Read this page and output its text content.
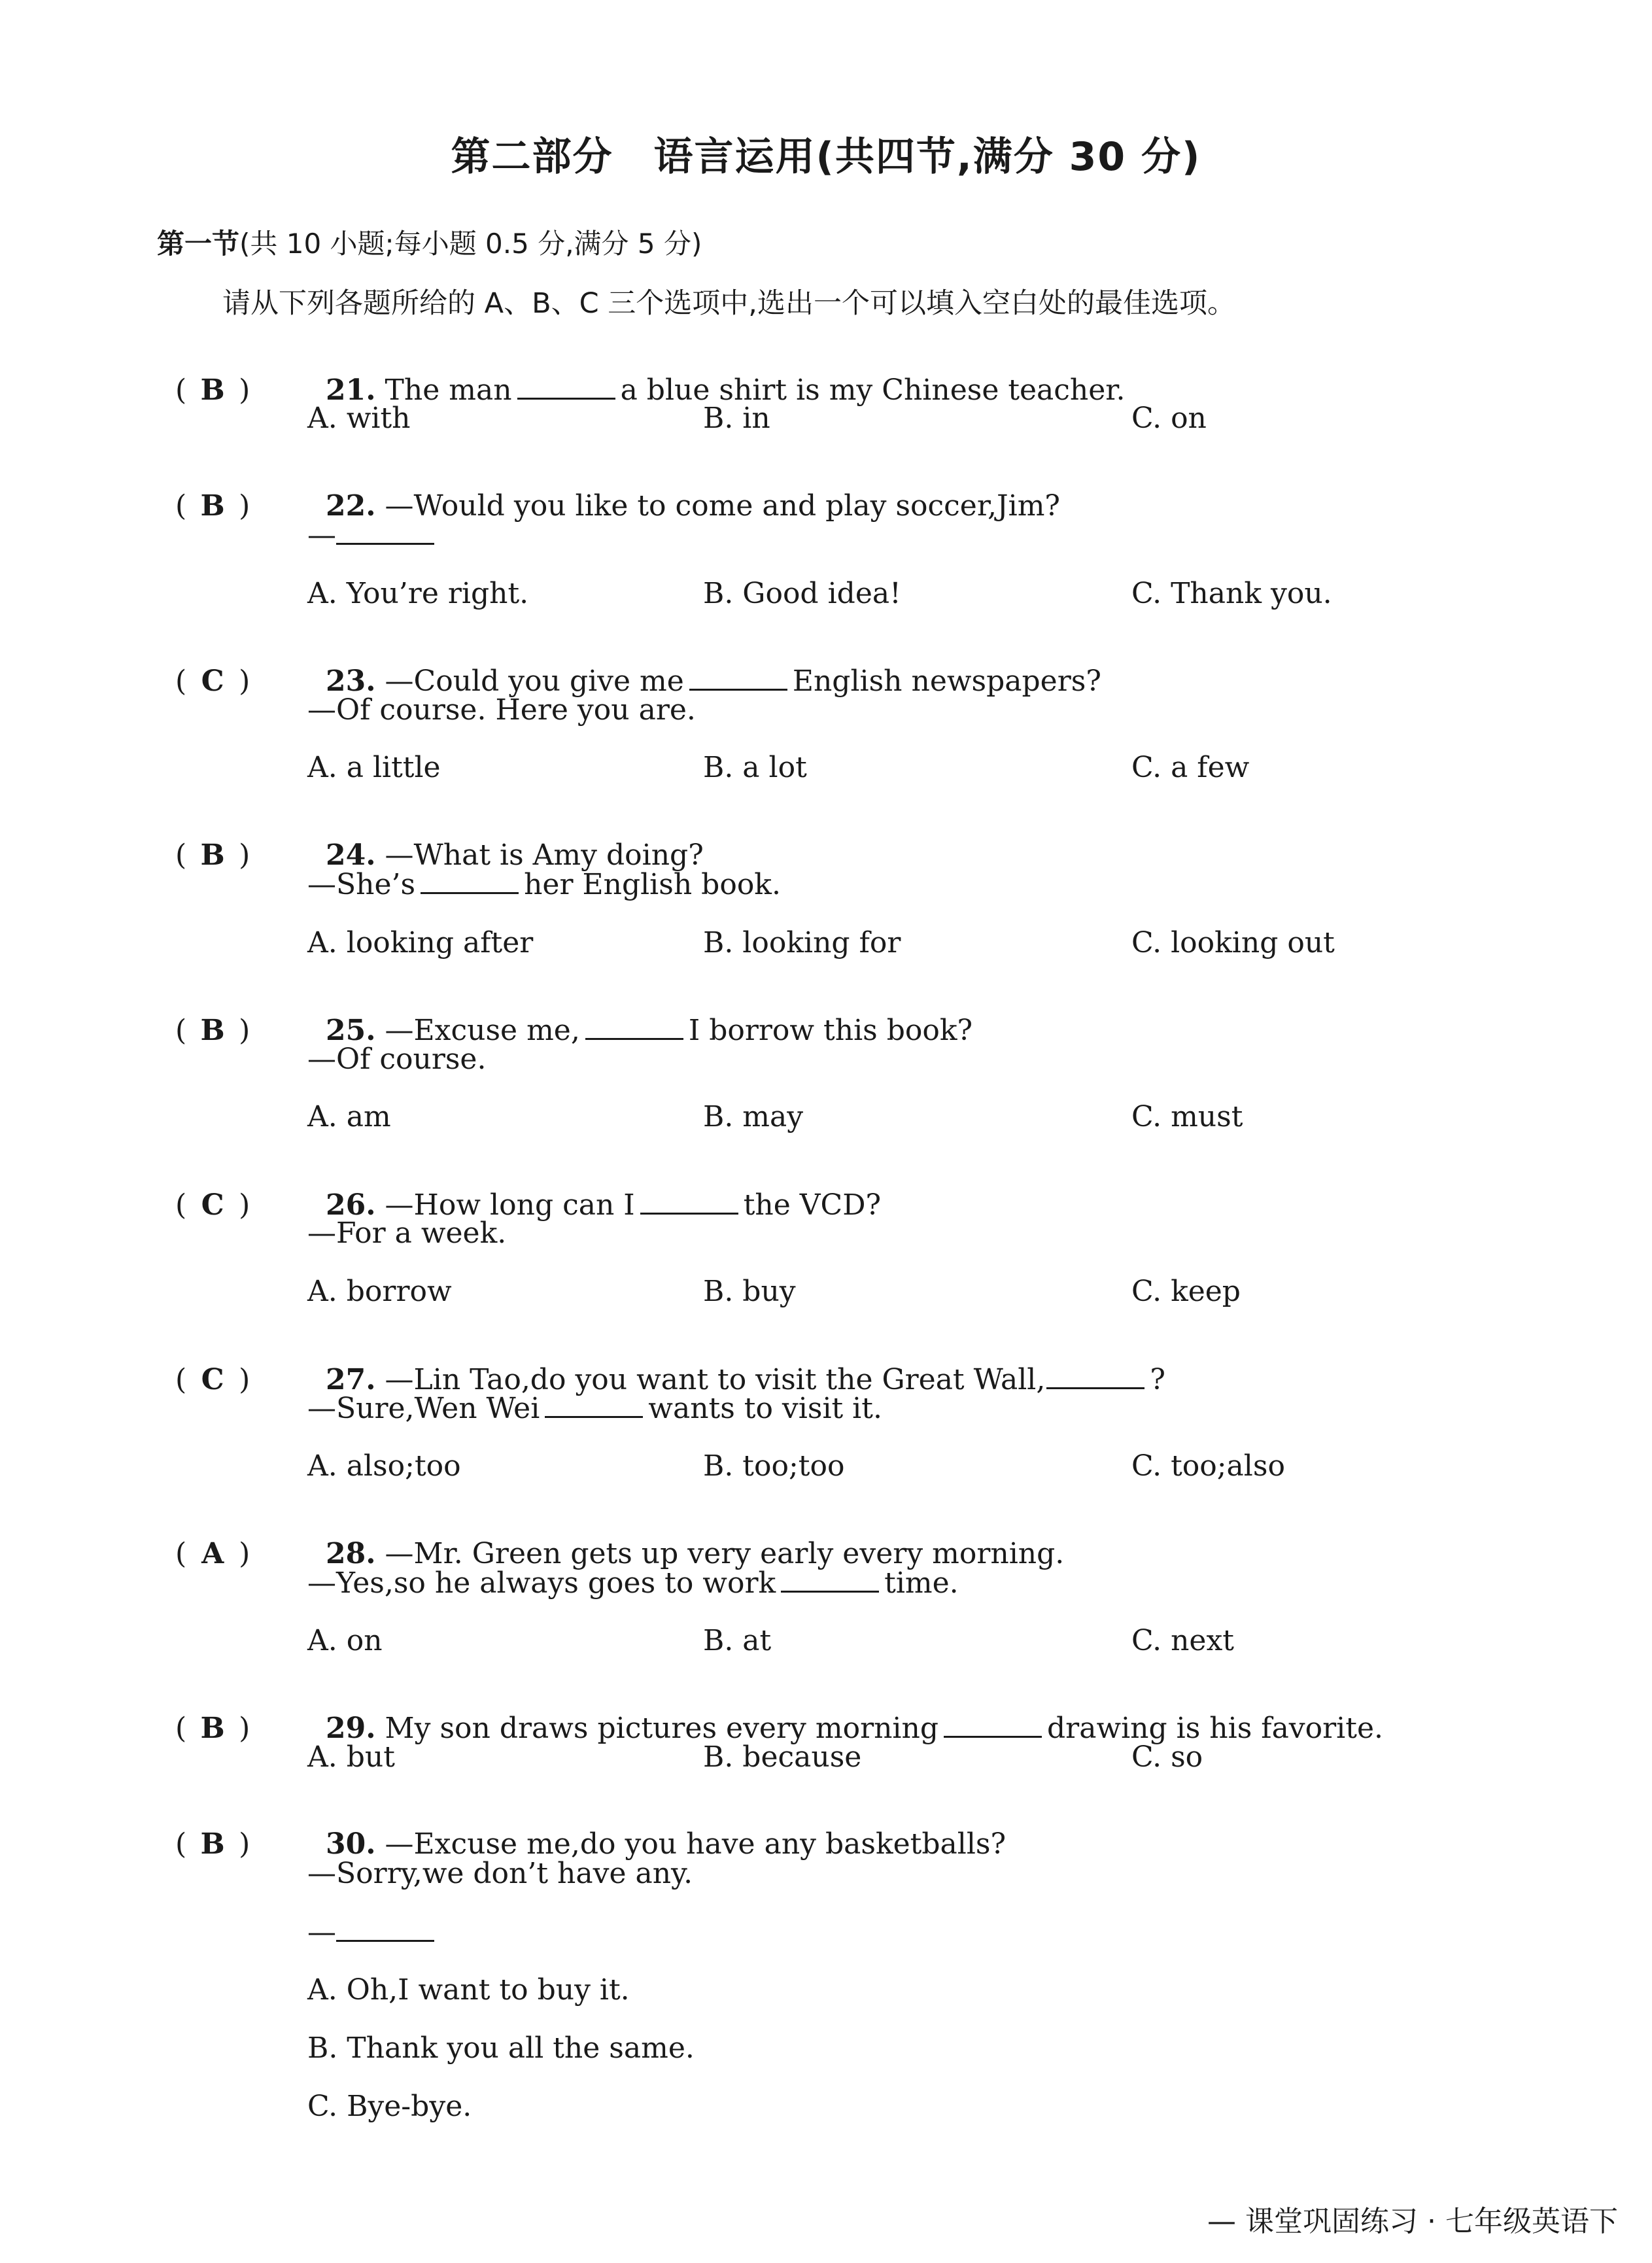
第二部分　语言运用(共四节,满分 30 分)
第一节(共 10 小题;每小题 0.5 分,满分 5 分)
请从下列各题所给的 A、B、C 三个选项中,选出一个可以填入空白处的最佳选项。

( B )	21. The man	a blue shirt is my Chinese teacher.

A. with	B. in	C. on

( B )	22. —Would you like to come and play soccer,Jim?

—
A. You’re right.	B. Good idea!	C. Thank you.

( C )	23. —Could you give me	English newspapers?

—Of course. Here you are.
A. a little	B. a lot	C. a few

( B )	24. —What is Amy doing?

—She’s	her English book.
A. looking after	B. looking for	C. looking out

( B )	25. —Excuse me,	I borrow this book?

—Of course.
A. am	B. may	C. must

( C )	26. —How long can I	the VCD?

—For a week.
A. borrow	B. buy	C. keep

( C )	27. —Lin Tao,do you want to visit the Great Wall,	?

—Sure,Wen Wei	wants to visit it.
A. also;too	B. too;too	C. too;also

( A )	28. —Mr. Green gets up very early every morning.

—Yes,so he always goes to work	time.
A. on	B. at	C. next

( B )	29. My son draws pictures every morning	drawing is his favorite.

A. but	B. because	C. so

( B )	30. —Excuse me,do you have any basketballs?

—Sorry,we don’t have any.
—
A. Oh,I want to buy it.
B. Thank you all the same.
C. Bye-bye.
— 课堂巩固练习 · 七年级英语下
